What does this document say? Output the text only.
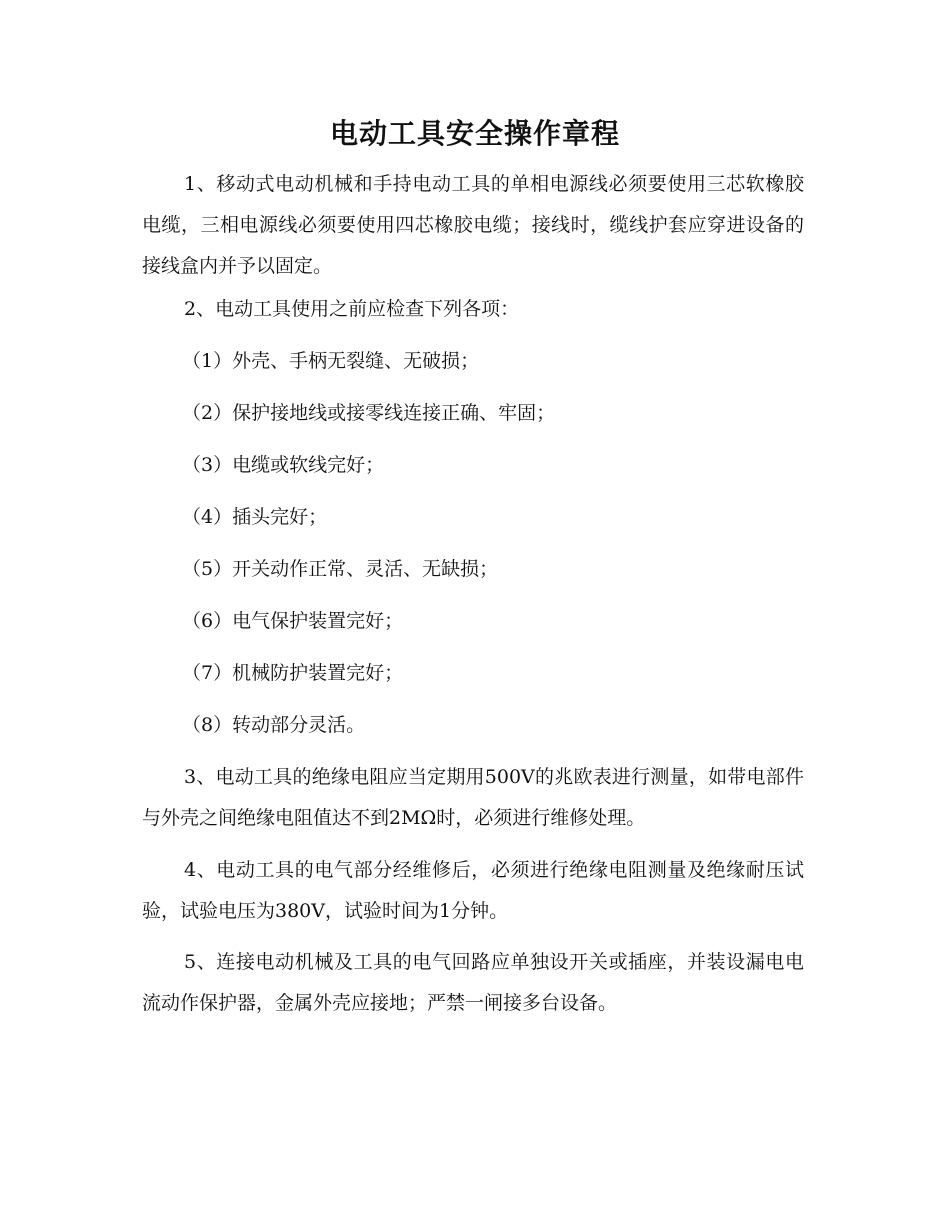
电动工具安全操作章程

1、移动式电动机械和手持电动工具的单相电源线必须要使用三芯软橡胶电缆，三相电源线必须要使用四芯橡胶电缆；接线时，缆线护套应穿进设备的接线盒内并予以固定。

2、电动工具使用之前应检查下列各项：

（1）外壳、手柄无裂缝、无破损；

（2）保护接地线或接零线连接正确、牢固；

（3）电缆或软线完好；

（4）插头完好；

（5）开关动作正常、灵活、无缺损；

（6）电气保护装置完好；

（7）机械防护装置完好；

（8）转动部分灵活。

3、电动工具的绝缘电阻应当定期用500V的兆欧表进行测量，如带电部件与外壳之间绝缘电阻值达不到2MΩ时，必须进行维修处理。

4、电动工具的电气部分经维修后，必须进行绝缘电阻测量及绝缘耐压试验，试验电压为380V，试验时间为1分钟。

5、连接电动机械及工具的电气回路应单独设开关或插座，并装设漏电电流动作保护器，金属外壳应接地；严禁一闸接多台设备。
